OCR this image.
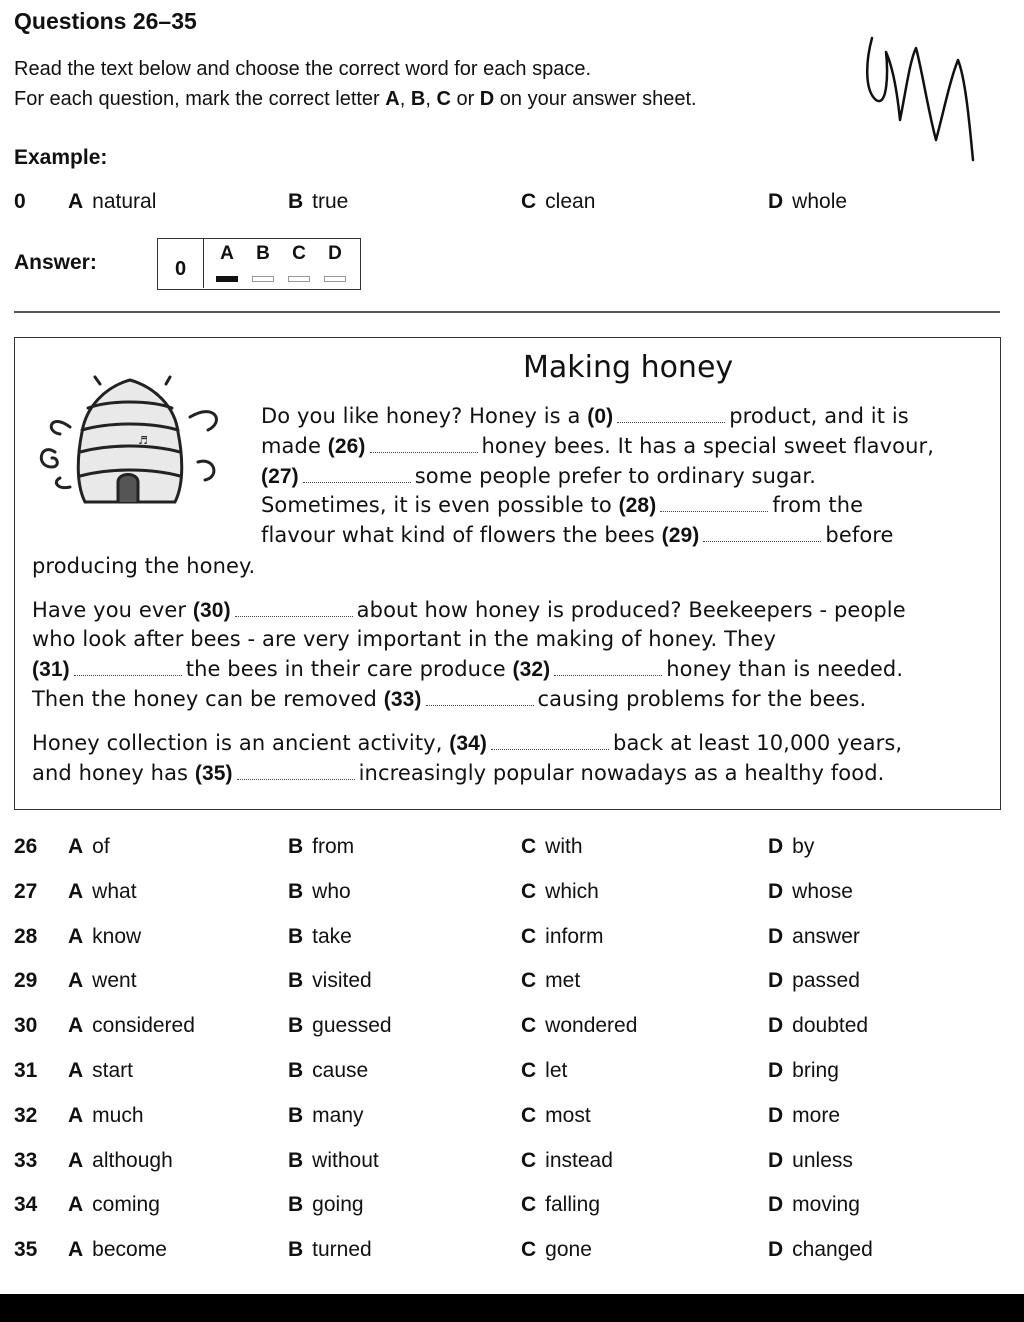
Questions 26–35
Read the text below and choose the correct word for each space.
For each question, mark the correct letter A, B, C or D on your answer sheet.
Example:
0 A natural	B true	C clean	D whole
Answer:	0
A	B	C	D
Making honey
♬
Do you like honey? Honey is a (0)	product, and it is
made (26)	honey bees. It has a special sweet flavour,
(27)	some people prefer to ordinary sugar.
Sometimes, it is even possible to (28)	from the
flavour what kind of flowers the bees (29)	before
producing the honey.
Have you ever (30)	about how honey is produced? Beekeepers - people
who look after bees - are very important in the making of honey. They
(31)	the bees in their care produce (32)	honey than is needed.
Then the honey can be removed (33)	causing problems for the bees.
Honey collection is an ancient activity, (34)	back at least 10,000 years,
and honey has (35)	increasingly popular nowadays as a healthy food.
26 A of	B from	C with	D by
27 A what	B who	C which	D whose
28 A know	B take	C inform	D answer
29 A went	B visited	C met	D passed
30 A considered	B guessed	C wondered	D doubted
31 A start	B cause	C let	D bring
32 A much	B many	C most	D more
33 A although	B without	C instead	D unless
34 A coming	B going	C falling	D moving
35 A become	B turned	C gone	D changed
